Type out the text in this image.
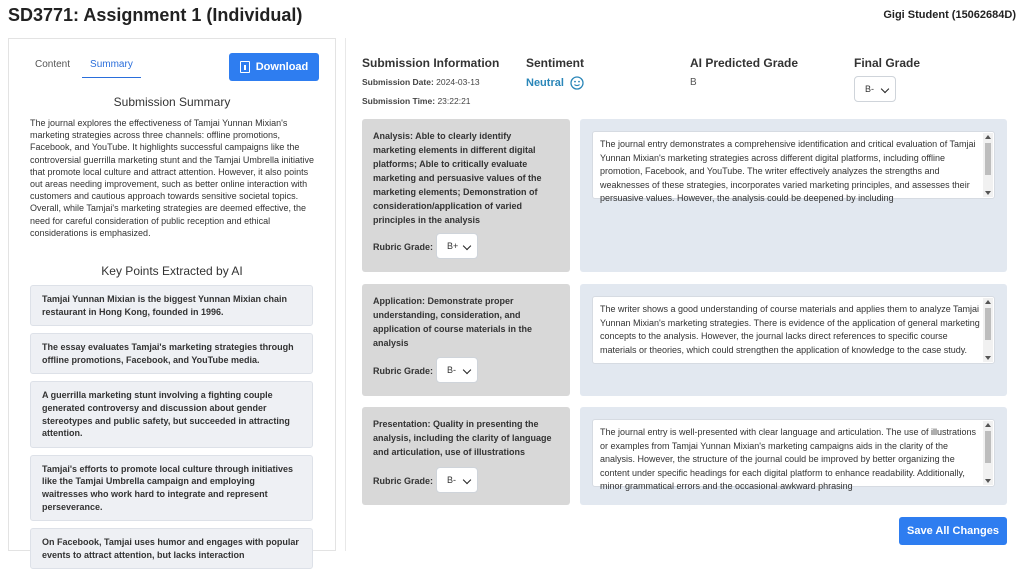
SD3771: Assignment 1 (Individual)	Gigi Student (15062684D)
Content	Summary	Download
Submission Summary
The journal explores the effectiveness of Tamjai Yunnan Mixian's marketing strategies across three channels: offline promotions, Facebook, and YouTube. It highlights successful campaigns like the controversial guerrilla marketing stunt and the Tamjai Umbrella initiative that promote local culture and attract attention. However, it also points out areas needing improvement, such as better online interaction with customers and cautious approach towards sensitive societal topics. Overall, while Tamjai's marketing strategies are deemed effective, the need for careful consideration of public reception and ethical considerations is emphasized.
Key Points Extracted by AI
Tamjai Yunnan Mixian is the biggest Yunnan Mixian chain restaurant in Hong Kong, founded in 1996.
The essay evaluates Tamjai's marketing strategies through offline promotions, Facebook, and YouTube media.
A guerrilla marketing stunt involving a fighting couple generated controversy and discussion about gender stereotypes and public safety, but succeeded in attracting attention.
Tamjai's efforts to promote local culture through initiatives like the Tamjai Umbrella campaign and employing waitresses who work hard to integrate and represent perseverance.
On Facebook, Tamjai uses humor and engages with popular events to attract attention, but lacks interaction
Submission Information
Submission Date: 2024-03-13
Submission Time: 23:22:21
Sentiment
Neutral
AI Predicted Grade
B
Final Grade
B-
Analysis: Able to clearly identify marketing elements in different digital platforms; Able to critically evaluate marketing and persuasive values of the marketing elements; Demonstration of consideration/application of varied principles in the analysis
Rubric Grade: B+
The journal entry demonstrates a comprehensive identification and critical evaluation of Tamjai Yunnan Mixian's marketing strategies across different digital platforms, including offline promotion, Facebook, and YouTube. The writer effectively analyzes the strengths and weaknesses of these strategies, incorporates varied marketing principles, and assesses their persuasive values. However, the analysis could be deepened by including
Application: Demonstrate proper understanding, consideration, and application of course materials in the analysis
Rubric Grade: B-
The writer shows a good understanding of course materials and applies them to analyze Tamjai Yunnan Mixian's marketing strategies. There is evidence of the application of general marketing concepts to the analysis. However, the journal lacks direct references to specific course materials or theories, which could strengthen the application of knowledge to the case study.
Presentation: Quality in presenting the analysis, including the clarity of language and articulation, use of illustrations
Rubric Grade: B-
The journal entry is well-presented with clear language and articulation. The use of illustrations or examples from Tamjai Yunnan Mixian's marketing campaigns aids in the clarity of the analysis. However, the structure of the journal could be improved by better organizing the content under specific headings for each digital platform to enhance readability. Additionally, minor grammatical errors and the occasional awkward phrasing
Save All Changes
